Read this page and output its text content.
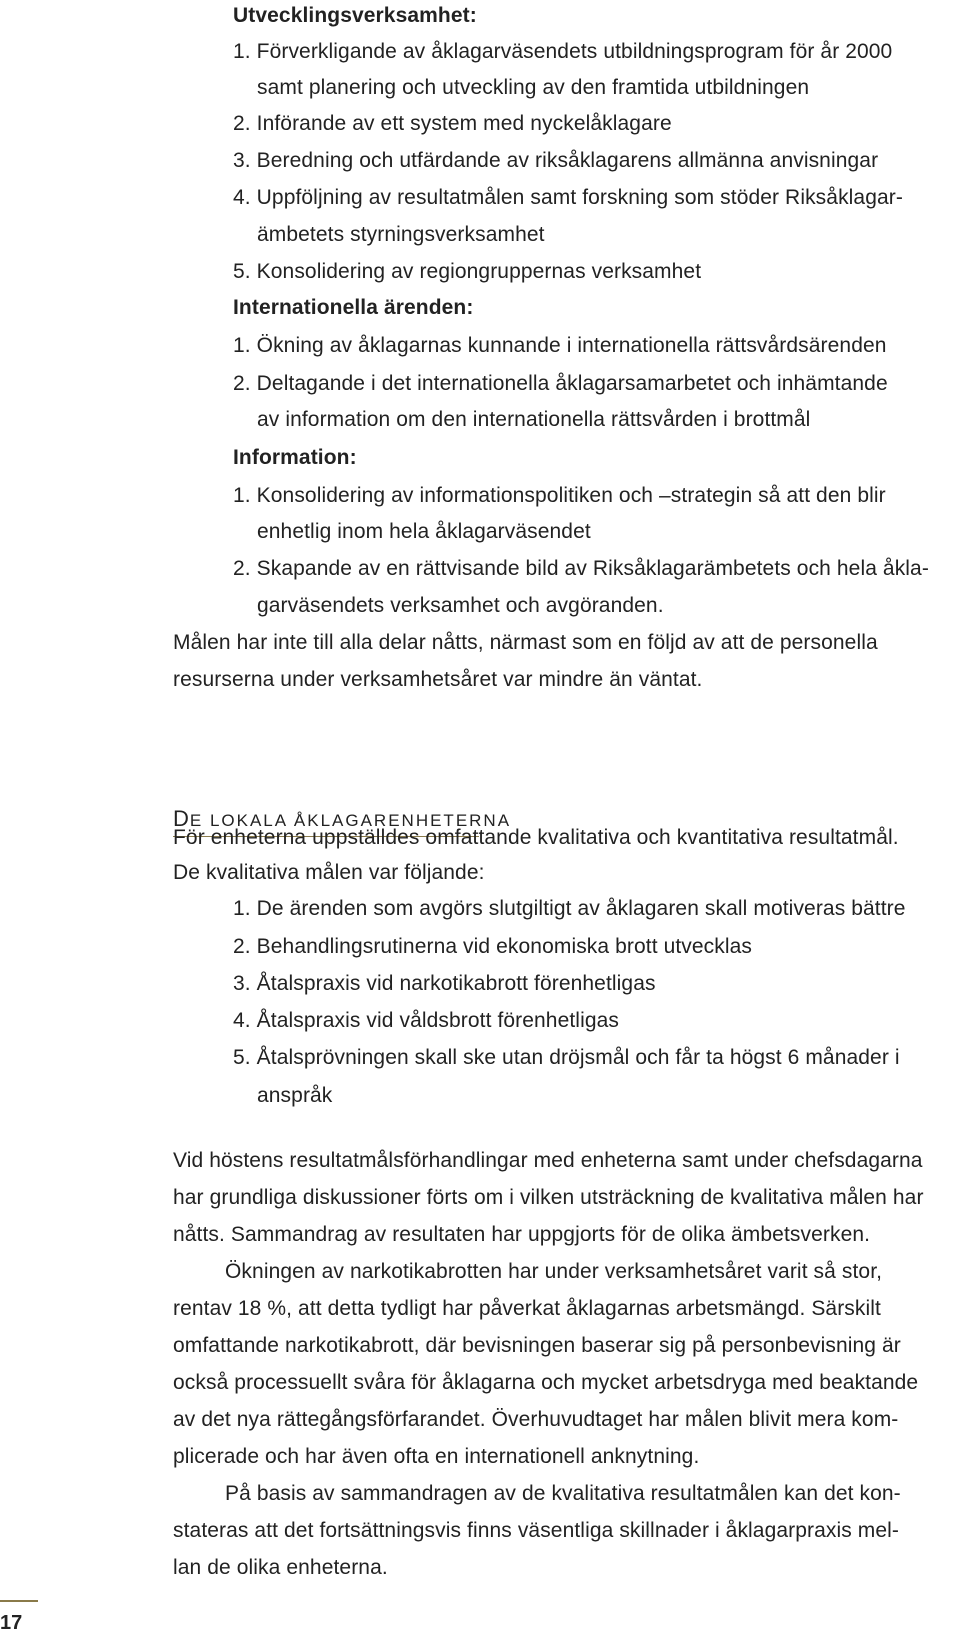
Utvecklingsverksamhet:
1. Förverkligande av åklagarväsendets utbildningsprogram för år 2000
samt planering och utveckling av den framtida utbildningen
2. Införande av ett system med nyckelåklagare
3. Beredning och utfärdande av riksåklagarens allmänna anvisningar
4. Uppföljning av resultatmålen samt forskning som stöder Riksåklagar-
ämbetets styrningsverksamhet
5. Konsolidering av regiongruppernas verksamhet
Internationella ärenden:
1. Ökning av åklagarnas kunnande i internationella rättsvårdsärenden
2. Deltagande i det internationella åklagarsamarbetet och inhämtande
av information om den internationella rättsvården i brottmål
Information:
1. Konsolidering av informationspolitiken och –strategin så att den blir
enhetlig inom hela åklagarväsendet
2. Skapande av en rättvisande bild av Riksåklagarämbetets och hela åkla-
garväsendets verksamhet och avgöranden.
Målen har inte till alla delar nåtts, närmast som en följd av att de personella
resurserna under verksamhetsåret var mindre än väntat.
DE LOKALA ÅKLAGARENHETERNA
För enheterna uppställdes omfattande kvalitativa och kvantitativa resultatmål.
De kvalitativa målen var följande:
1. De ärenden som avgörs slutgiltigt av åklagaren skall motiveras bättre
2. Behandlingsrutinerna vid ekonomiska brott utvecklas
3. Åtalspraxis vid narkotikabrott förenhetligas
4. Åtalspraxis vid våldsbrott förenhetligas
5. Åtalsprövningen skall ske utan dröjsmål och får ta högst 6 månader i
anspråk
Vid höstens resultatmålsförhandlingar med enheterna samt under chefsdagarna
har grundliga diskussioner förts om i vilken utsträckning de kvalitativa målen har
nåtts. Sammandrag av resultaten har uppgjorts för de olika ämbetsverken.
Ökningen av narkotikabrotten har under verksamhetsåret varit så stor,
rentav 18 %, att detta tydligt har påverkat åklagarnas arbetsmängd. Särskilt
omfattande narkotikabrott, där bevisningen baserar sig på personbevisning är
också processuellt svåra för åklagarna och mycket arbetsdryga med beaktande
av det nya rättegångsförfarandet. Överhuvudtaget har målen blivit mera kom-
plicerade och har även ofta en internationell anknytning.
På basis av sammandragen av de kvalitativa resultatmålen kan det kon-
stateras att det fortsättningsvis finns väsentliga skillnader i åklagarpraxis mel-
lan de olika enheterna.
17
